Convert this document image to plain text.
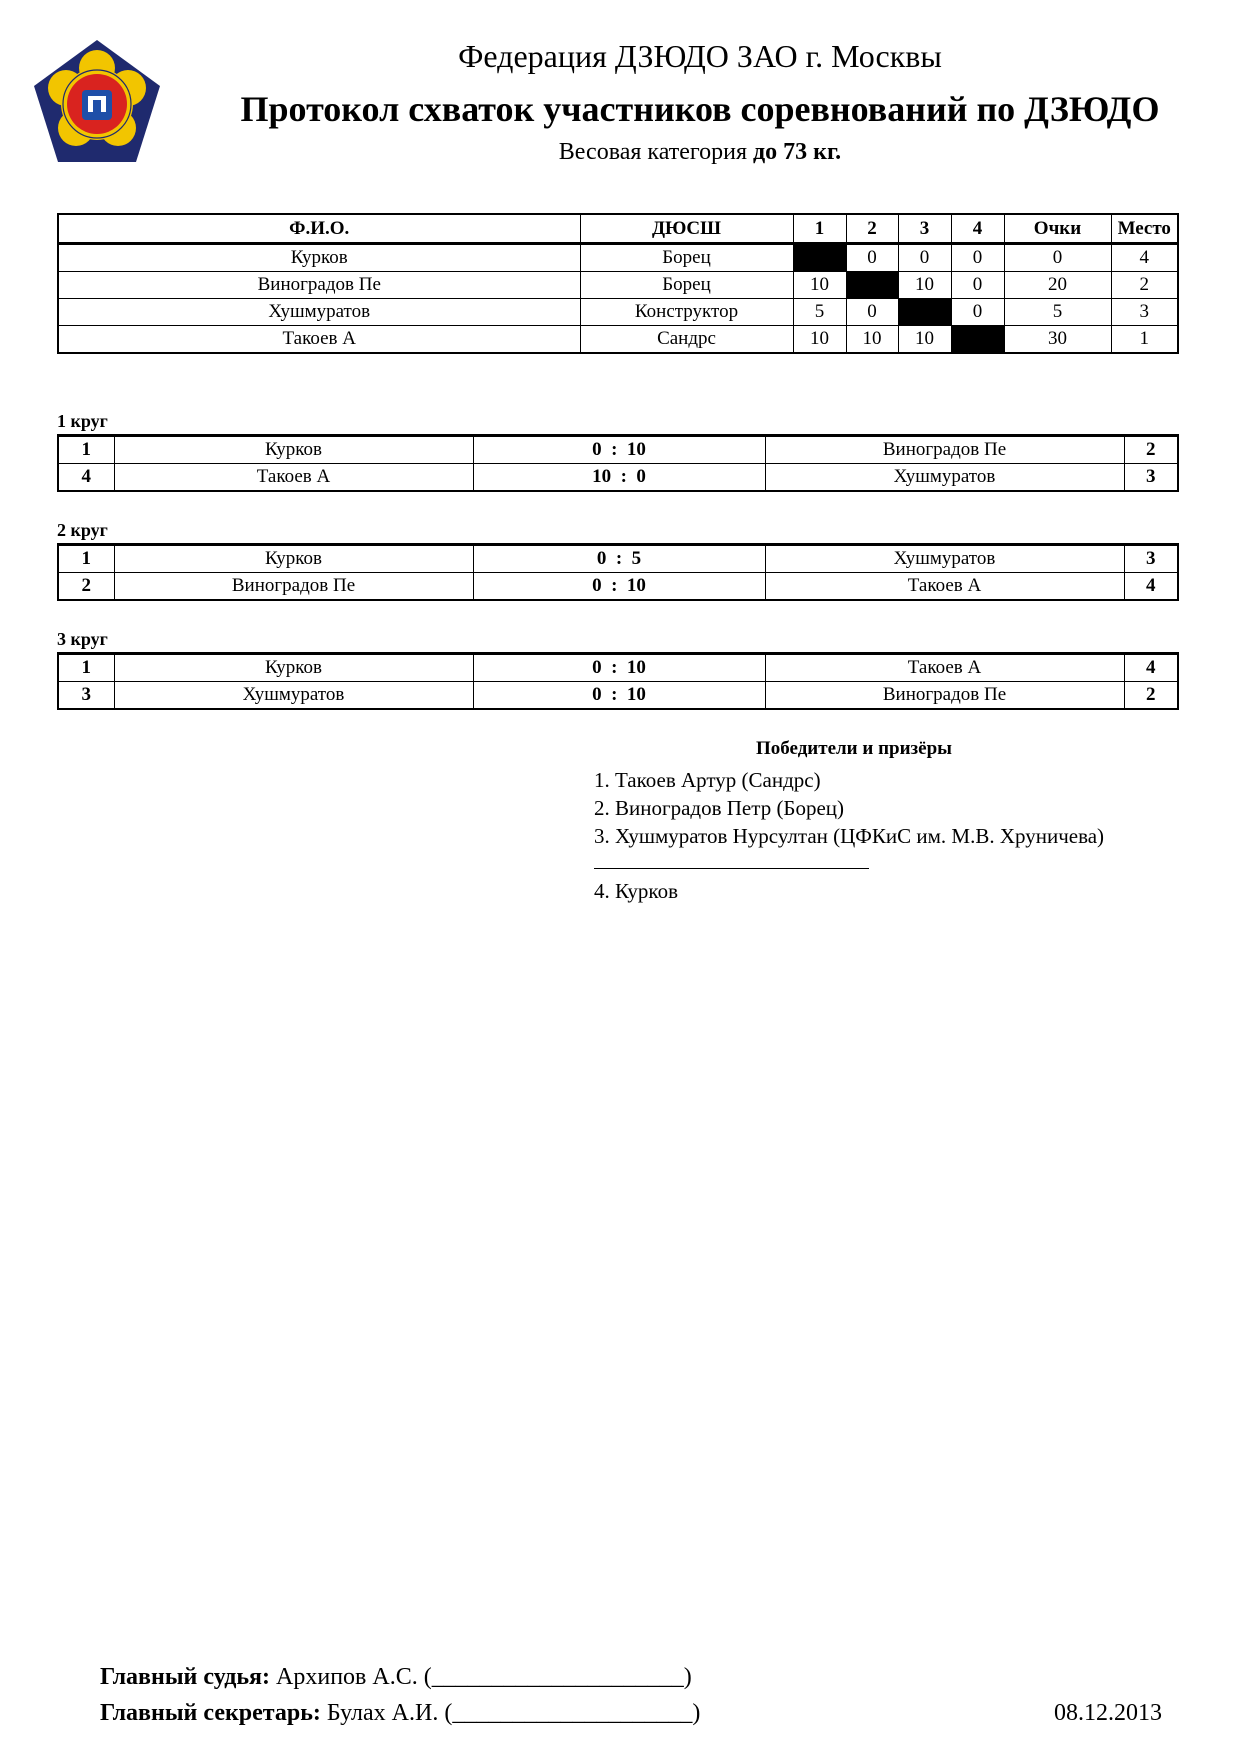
Федерация ДЗЮДО ЗАО г. Москвы
Протокол схваток участников соревнований по ДЗЮДО
Весовая категория до 73 кг.
Ф.И.О.	ДЮСШ	1	2	3	4	Очки	Место
Курков	Борец		0	0	0	0	4
Виноградов Пе	Борец	10		10	0	20	2
Хушмуратов	Конструктор	5	0		0	5	3
Такоев А	Сандрс	10	10	10		30	1
1 круг
1	Курков	0 : 10	Виноградов Пе	2
4	Такоев А	10 : 0	Хушмуратов	3
2 круг
1	Курков	0 : 5	Хушмуратов	3
2	Виноградов Пе	0 : 10	Такоев А	4
3 круг
1	Курков	0 : 10	Такоев А	4
3	Хушмуратов	0 : 10	Виноградов Пе	2
Победители и призёры
1. Такоев Артур (Сандрс)
2. Виноградов Петр (Борец)
3. Хушмуратов Нурсултан (ЦФКиС им. М.В. Хруничева)
4. Курков
Главный судья: Архипов А.С. (_____________________)
Главный секретарь: Булах А.И. (____________________)	08.12.2013
